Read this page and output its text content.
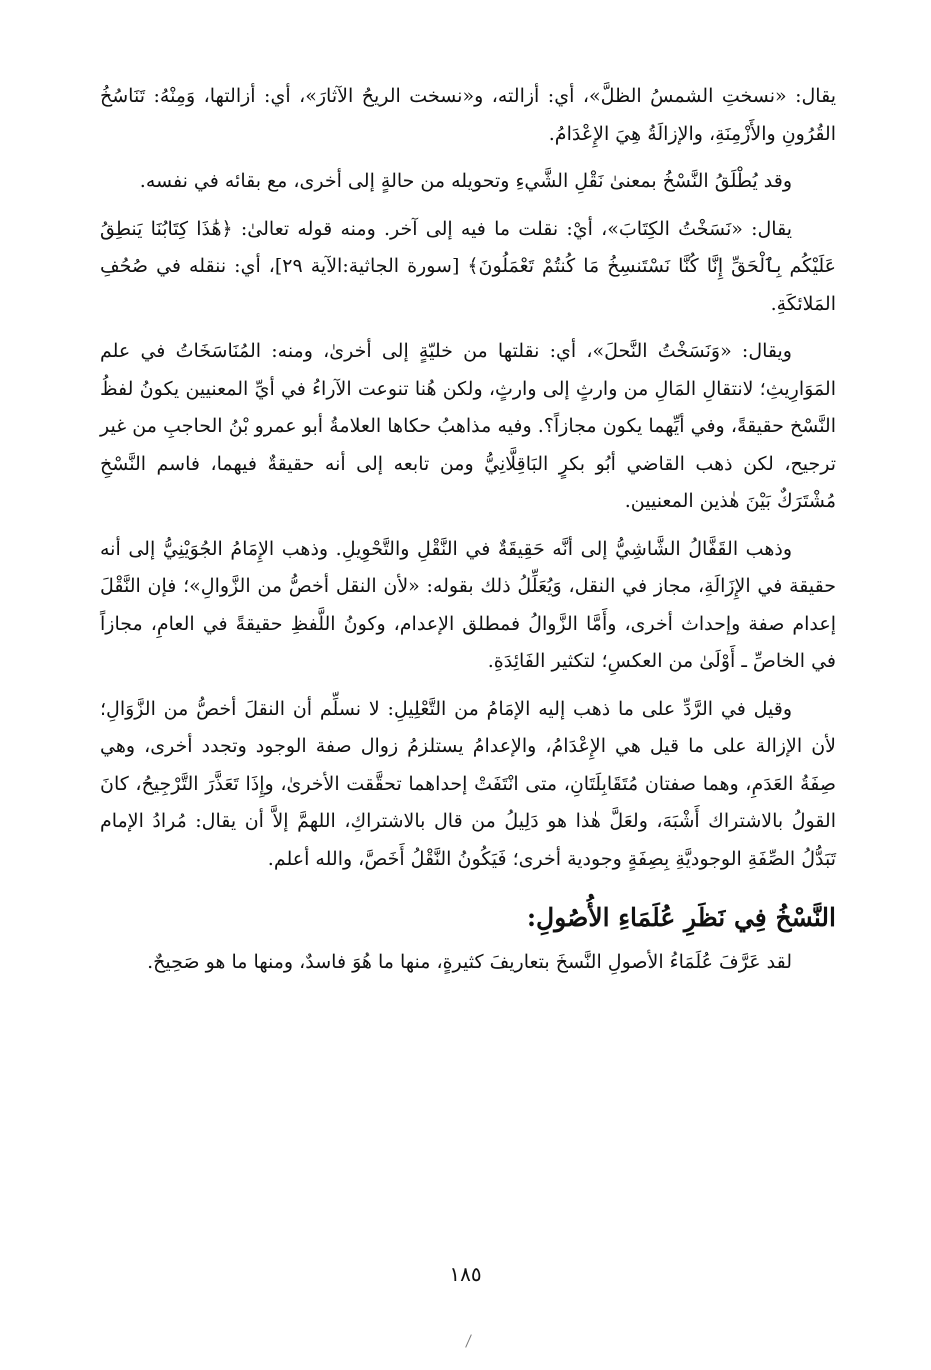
يقال: «نسختِ الشمسُ الظلَّ»، أي: أزالته، و«نسخت الريحُ الآثارَ»، أي: أزالتها، وَمِنْهُ: تَنَاسُخُ القُرُونِ والأَزْمِنَةِ، والإزالَةُ هِيَ الإِعْدَامُ.

وقد يُطْلَقُ النَّسْخُ بمعنىٰ نَقْلِ الشَّيءِ وتحويله من حالةٍ إلى أخرى، مع بقائه في نفسه.

يقال: «نَسَخْتُ الكِتَابَ»، أيْ: نقلت ما فيه إلى آخر. ومنه قوله تعالىٰ: ﴿هَٰذَا كِتَابُنَا يَنطِقُ عَلَيْكُم بِٱلْحَقِّ إِنَّا كُنَّا نَسْتَنسِخُ مَا كُنتُمْ تَعْمَلُونَ﴾ [سورة الجاثية:الآية ٢٩]، أي: ننقله في صُحُفِ المَلائكَةِ.

ويقال: «وَنَسَخْتُ النَّحلَ»، أي: نقلتها من خليّةٍ إلى أخرىٰ، ومنه: المُنَاسَخَاتُ في علم المَوَارِيثِ؛ لانتقالِ المَالِ من وارثٍ إلى وارثٍ، ولكن هُنا تنوعت الآراءُ في أيِّ المعنيين يكونُ لفظُ النَّسْخ حقيقةً، وفي أيِّهما يكون مجازاً؟. وفيه مذاهبُ حكاها العلامةُ أبو عمرو بْنُ الحاجبِ من غير ترجيح، لكن ذهب القاضي أبُو بكرٍ البَاقِلَّانِيُّ ومن تابعه إلى أنه حقيقةٌ فيهما، فاسم النَّسْخِ مُشْتَرَكٌ بَيْنَ هٰذين المعنيين.

وذهب القَفَّالُ الشَّاشِيُّ إلى أنَّه حَقِيقَةٌ في النَّقْلِ والتَّحْوِيلِ. وذهب الإِمَامُ الجُوَيْنِيُّ إلى أنه حقيقة في الإِزَالَةِ، مجاز في النقل، وَيُعَلِّلُ ذلك بقوله: «لأن النقل أخصُّ من الزَّوالِ»؛ فإن النَّقْلَ إعدام صفة وإحداث أخرى، وأَمَّا الزَّوالُ فمطلق الإعدام، وكونُ اللَّفظِ حقيقةً في العامِ، مجازاً في الخاصِّ ـ أَوْلَىٰ من العكسِ؛ لتكثير الفَائِدَةِ.

وقيل في الرَّدِّ على ما ذهب إليه الإمَامُ من التَّعْلِيلِ: لا نسلِّم أن النقلَ أخصُّ من الزَّوَالِ؛ لأن الإزالة على ما قيل هي الإِعْدَامُ، والإعدامُ يستلزمُ زوال صفة الوجود وتجدد أخرى، وهي صِفَةُ العَدَمِ، وهما صفتان مُتَقَابِلَتَانِ، متى انْتَفَتْ إحداهما تحقَّقت الأخرىٰ، وإِذَا تَعَذَّرَ التَّرْجِيحُ، كانَ القولُ بالاشتراك أَشْبَهَ، ولعَلَّ هٰذا هو دَلِيلُ من قال بالاشتراكِ، اللهمَّ إلاَّ أن يقال: مُرادُ الإمام تَبَدُّلُ الصِّفَةِ الوجوديَّةِ بِصِفَةٍ وجودية أخرى؛ فَيَكُونُ النَّقْلُ أَخَصَّ، والله أعلم.

النَّسْخُ فِي نَظَرِ عُلَمَاءِ الأُصُولِ:

لقد عَرَّفَ عُلَمَاءُ الأصولِ النَّسخَ بتعاريفَ كثيرةٍ، منها ما هُوَ فاسدٌ، ومنها ما هو صَحِيحٌ.

١٨٥
